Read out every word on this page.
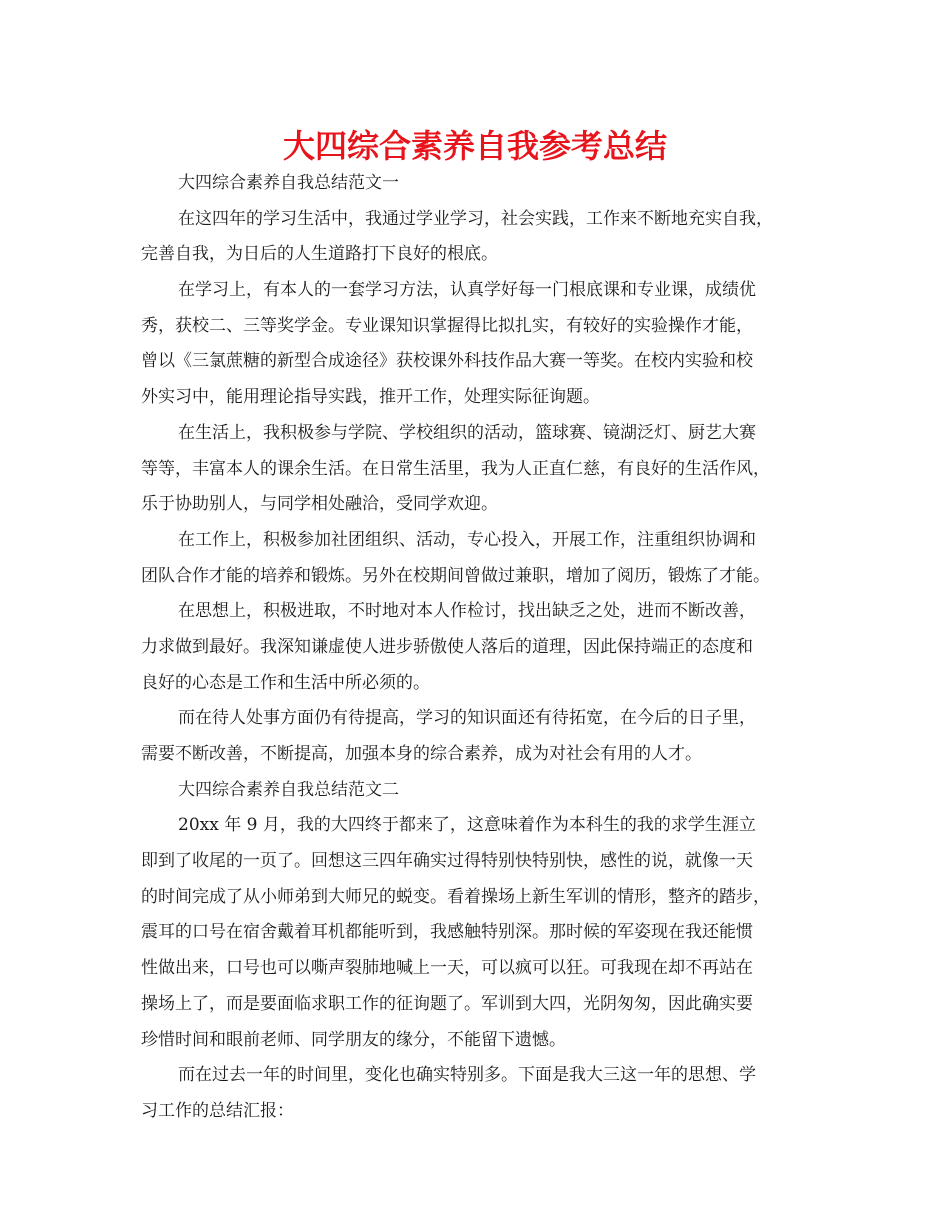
大四综合素养自我参考总结

大四综合素养自我总结范文一

在这四年的学习生活中，我通过学业学习，社会实践，工作来不断地充实自我，

完善自我，为日后的人生道路打下良好的根底。

在学习上，有本人的一套学习方法，认真学好每一门根底课和专业课，成绩优

秀，获校二、三等奖学金。专业课知识掌握得比拟扎实，有较好的实验操作才能，

曾以《三氯蔗糖的新型合成途径》获校课外科技作品大赛一等奖。在校内实验和校

外实习中，能用理论指导实践，推开工作，处理实际征询题。

在生活上，我积极参与学院、学校组织的活动，篮球赛、镜湖泛灯、厨艺大赛

等等，丰富本人的课余生活。在日常生活里，我为人正直仁慈，有良好的生活作风，

乐于协助别人，与同学相处融洽，受同学欢迎。

在工作上，积极参加社团组织、活动，专心投入，开展工作，注重组织协调和

团队合作才能的培养和锻炼。另外在校期间曾做过兼职，增加了阅历，锻炼了才能。

在思想上，积极进取，不时地对本人作检讨，找出缺乏之处，进而不断改善，

力求做到最好。我深知谦虚使人进步骄傲使人落后的道理，因此保持端正的态度和

良好的心态是工作和生活中所必须的。

而在待人处事方面仍有待提高，学习的知识面还有待拓宽，在今后的日子里，

需要不断改善，不断提高，加强本身的综合素养，成为对社会有用的人才。

大四综合素养自我总结范文二

20xx 年 9 月，我的大四终于都来了，这意味着作为本科生的我的求学生涯立

即到了收尾的一页了。回想这三四年确实过得特别快特别快，感性的说，就像一天

的时间完成了从小师弟到大师兄的蜕变。看着操场上新生军训的情形，整齐的踏步，

震耳的口号在宿舍戴着耳机都能听到，我感触特别深。那时候的军姿现在我还能惯

性做出来，口号也可以嘶声裂肺地喊上一天，可以疯可以狂。可我现在却不再站在

操场上了，而是要面临求职工作的征询题了。军训到大四，光阴匆匆，因此确实要

珍惜时间和眼前老师、同学朋友的缘分，不能留下遗憾。

而在过去一年的时间里，变化也确实特别多。下面是我大三这一年的思想、学

习工作的总结汇报：
